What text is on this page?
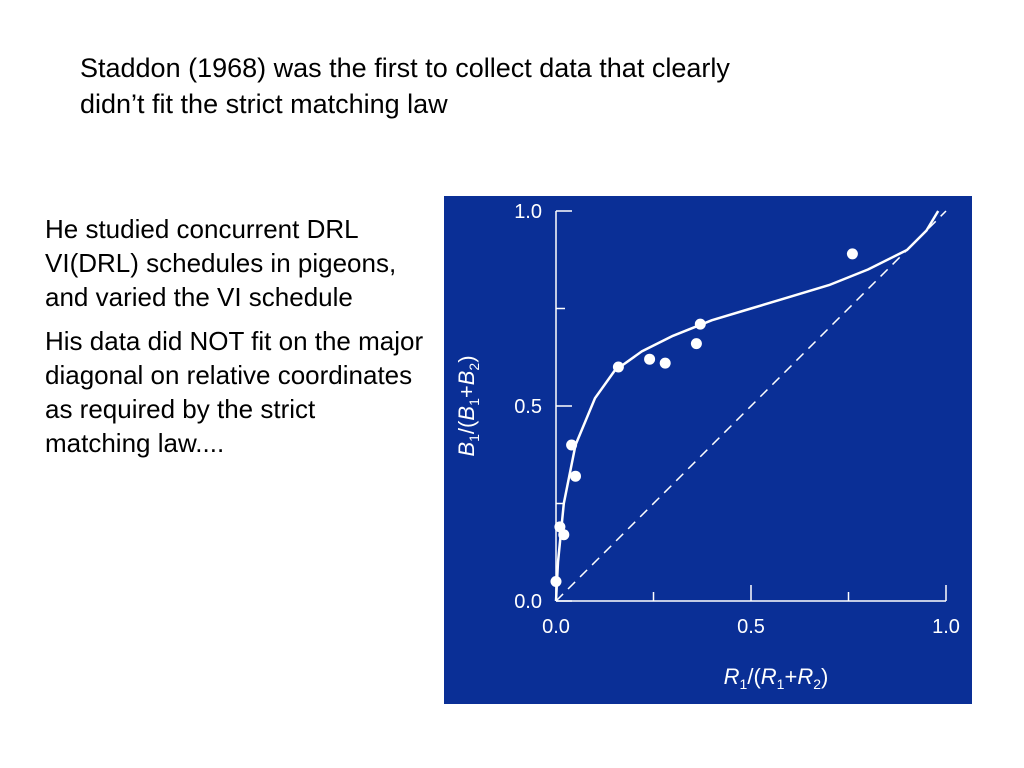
Staddon (1968) was the first to collect data that clearly
didn’t fit the strict matching law

He studied concurrent DRL VI(DRL) schedules in pigeons, and varied the VI schedule

His data did NOT fit on the major diagonal on relative coordinates as required by the strict matching law....

0.0	0.5	1.0
0.0
0.5
1.0
$R_1/(R_1+R_2)$
$B_1/(B_1+B_2)$
